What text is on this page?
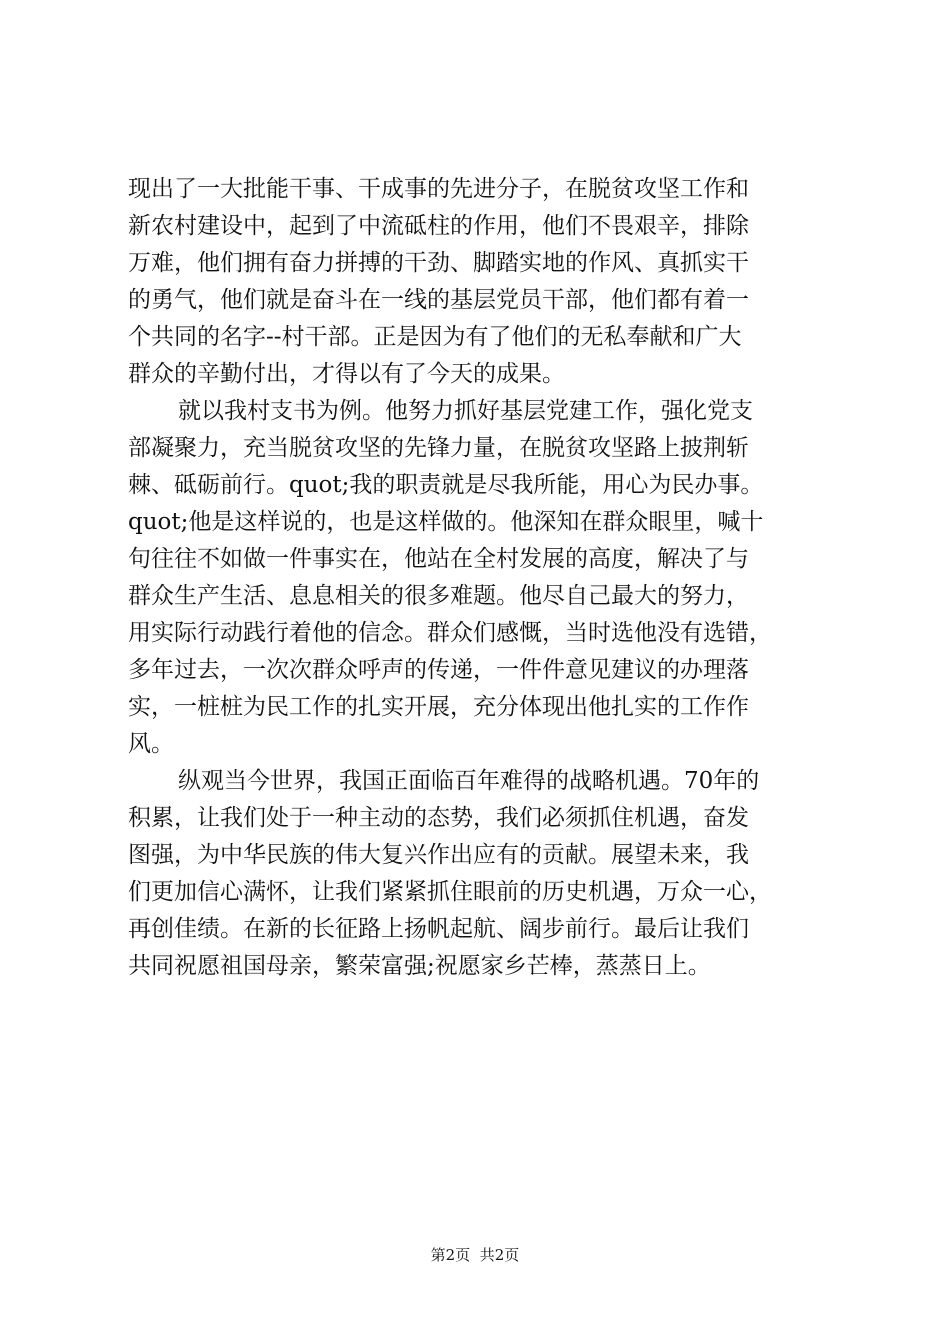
现出了一大批能干事、干成事的先进分子，在脱贫攻坚工作和
新农村建设中，起到了中流砥柱的作用，他们不畏艰辛，排除
万难，他们拥有奋力拼搏的干劲、脚踏实地的作风、真抓实干
的勇气，他们就是奋斗在一线的基层党员干部，他们都有着一
个共同的名字--村干部。正是因为有了他们的无私奉献和广大
群众的辛勤付出，才得以有了今天的成果。
就以我村支书为例。他努力抓好基层党建工作，强化党支
部凝聚力，充当脱贫攻坚的先锋力量，在脱贫攻坚路上披荆斩
棘、砥砺前行。quot;我的职责就是尽我所能，用心为民办事。
quot;他是这样说的，也是这样做的。他深知在群众眼里，喊十
句往往不如做一件事实在，他站在全村发展的高度，解决了与
群众生产生活、息息相关的很多难题。他尽自己最大的努力，
用实际行动践行着他的信念。群众们感慨，当时选他没有选错，
多年过去，一次次群众呼声的传递，一件件意见建议的办理落
实，一桩桩为民工作的扎实开展，充分体现出他扎实的工作作
风。
纵观当今世界，我国正面临百年难得的战略机遇。70年的
积累，让我们处于一种主动的态势，我们必须抓住机遇，奋发
图强，为中华民族的伟大复兴作出应有的贡献。展望未来，我
们更加信心满怀，让我们紧紧抓住眼前的历史机遇，万众一心，
再创佳绩。在新的长征路上扬帆起航、阔步前行。最后让我们
共同祝愿祖国母亲，繁荣富强;祝愿家乡芒棒，蒸蒸日上。
第2页 共2页
